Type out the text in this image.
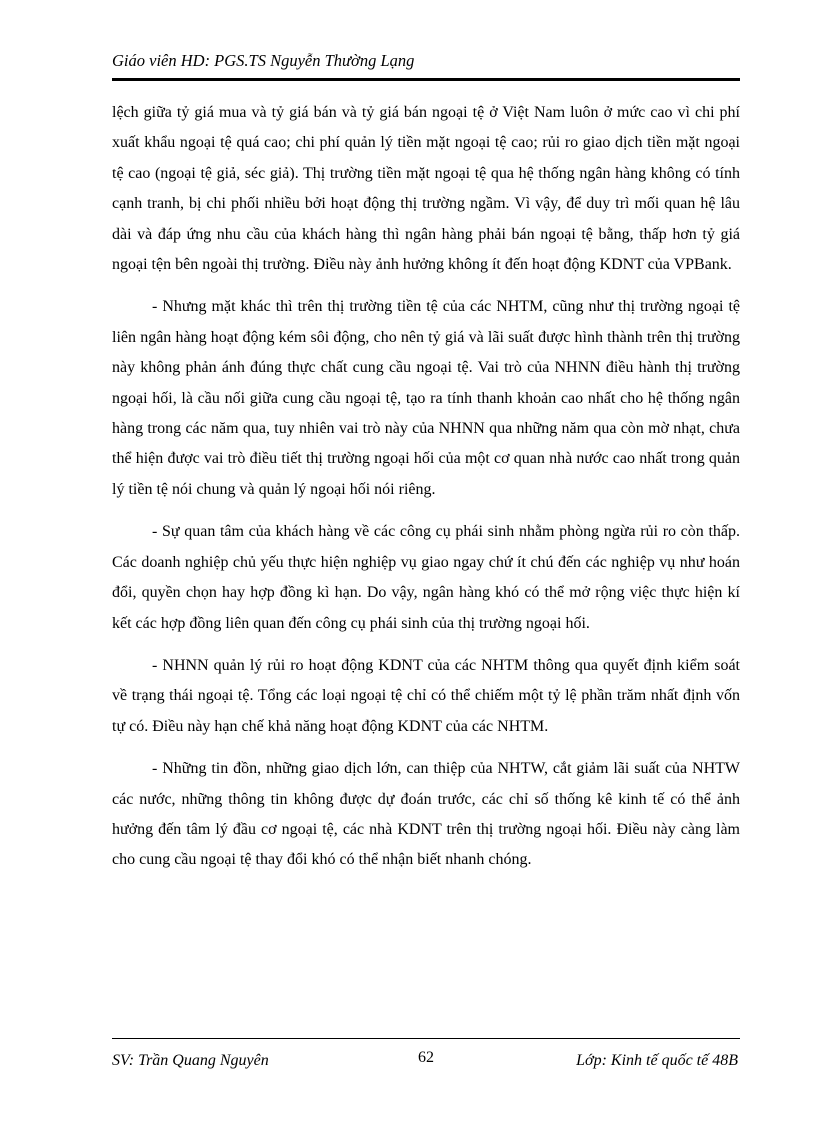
Giáo viên HD: PGS.TS Nguyễn Thường Lạng

lệch giữa tỷ giá mua và tỷ giá bán và tỷ giá bán ngoại tệ ở Việt Nam luôn ở mức cao vì chi phí xuất khẩu ngoại tệ quá cao; chi phí quản lý tiền mặt ngoại tệ cao; rủi ro giao dịch tiền mặt ngoại tệ cao (ngoại tệ giả, séc giả). Thị trường tiền mặt ngoại tệ qua hệ thống ngân hàng không có tính cạnh tranh, bị chi phối nhiều bởi hoạt động thị trường ngầm. Vì vậy, để duy trì mối quan hệ lâu dài và đáp ứng nhu cầu của khách hàng thì ngân hàng phải bán ngoại tệ bằng, thấp hơn tỷ giá ngoại tện bên ngoài thị trường. Điều này ảnh hưởng không ít đến hoạt động KDNT của VPBank.

- Nhưng mặt khác thì trên thị trường tiền tệ của các NHTM, cũng như thị trường ngoại tệ liên ngân hàng hoạt động kém sôi động, cho nên tỷ giá và lãi suất được hình thành trên thị trường này không phản ánh đúng thực chất cung cầu ngoại tệ. Vai trò của NHNN điều hành thị trường ngoại hối, là cầu nối giữa cung cầu ngoại tệ, tạo ra tính thanh khoản cao nhất cho hệ thống ngân hàng trong các năm qua, tuy nhiên vai trò này của NHNN qua những năm qua còn mờ nhạt, chưa thể hiện được vai trò điều tiết thị trường ngoại hối của một cơ quan nhà nước cao nhất trong quản lý tiền tệ nói chung và quản lý ngoại hối nói riêng.

- Sự quan tâm của khách hàng về các công cụ phái sinh nhằm phòng ngừa rủi ro còn thấp. Các doanh nghiệp chủ yếu thực hiện nghiệp vụ giao ngay chứ ít chú đến các nghiệp vụ như hoán đổi, quyền chọn hay hợp đồng kì hạn. Do vậy, ngân hàng khó có thể mở rộng việc thực hiện kí kết các hợp đồng liên quan đến công cụ phái sinh của thị trường ngoại hối.

- NHNN quản lý rủi ro hoạt động KDNT của các NHTM thông qua quyết định kiểm soát về trạng thái ngoại tệ. Tổng các loại ngoại tệ chỉ có thể chiếm một tỷ lệ phần trăm nhất định vốn tự có. Điều này hạn chế khả năng hoạt động KDNT của các NHTM.

- Những tin đồn, những giao dịch lớn, can thiệp của NHTW, cắt giảm lãi suất của NHTW các nước, những thông tin không được dự đoán trước, các chỉ số thống kê kinh tế có thể ảnh hưởng đến tâm lý đầu cơ ngoại tệ, các nhà KDNT trên thị trường ngoại hối. Điều này càng làm cho cung cầu ngoại tệ thay đổi khó có thể nhận biết nhanh chóng.

SV: Trần Quang Nguyên	62	Lớp: Kinh tế quốc tế 48B
